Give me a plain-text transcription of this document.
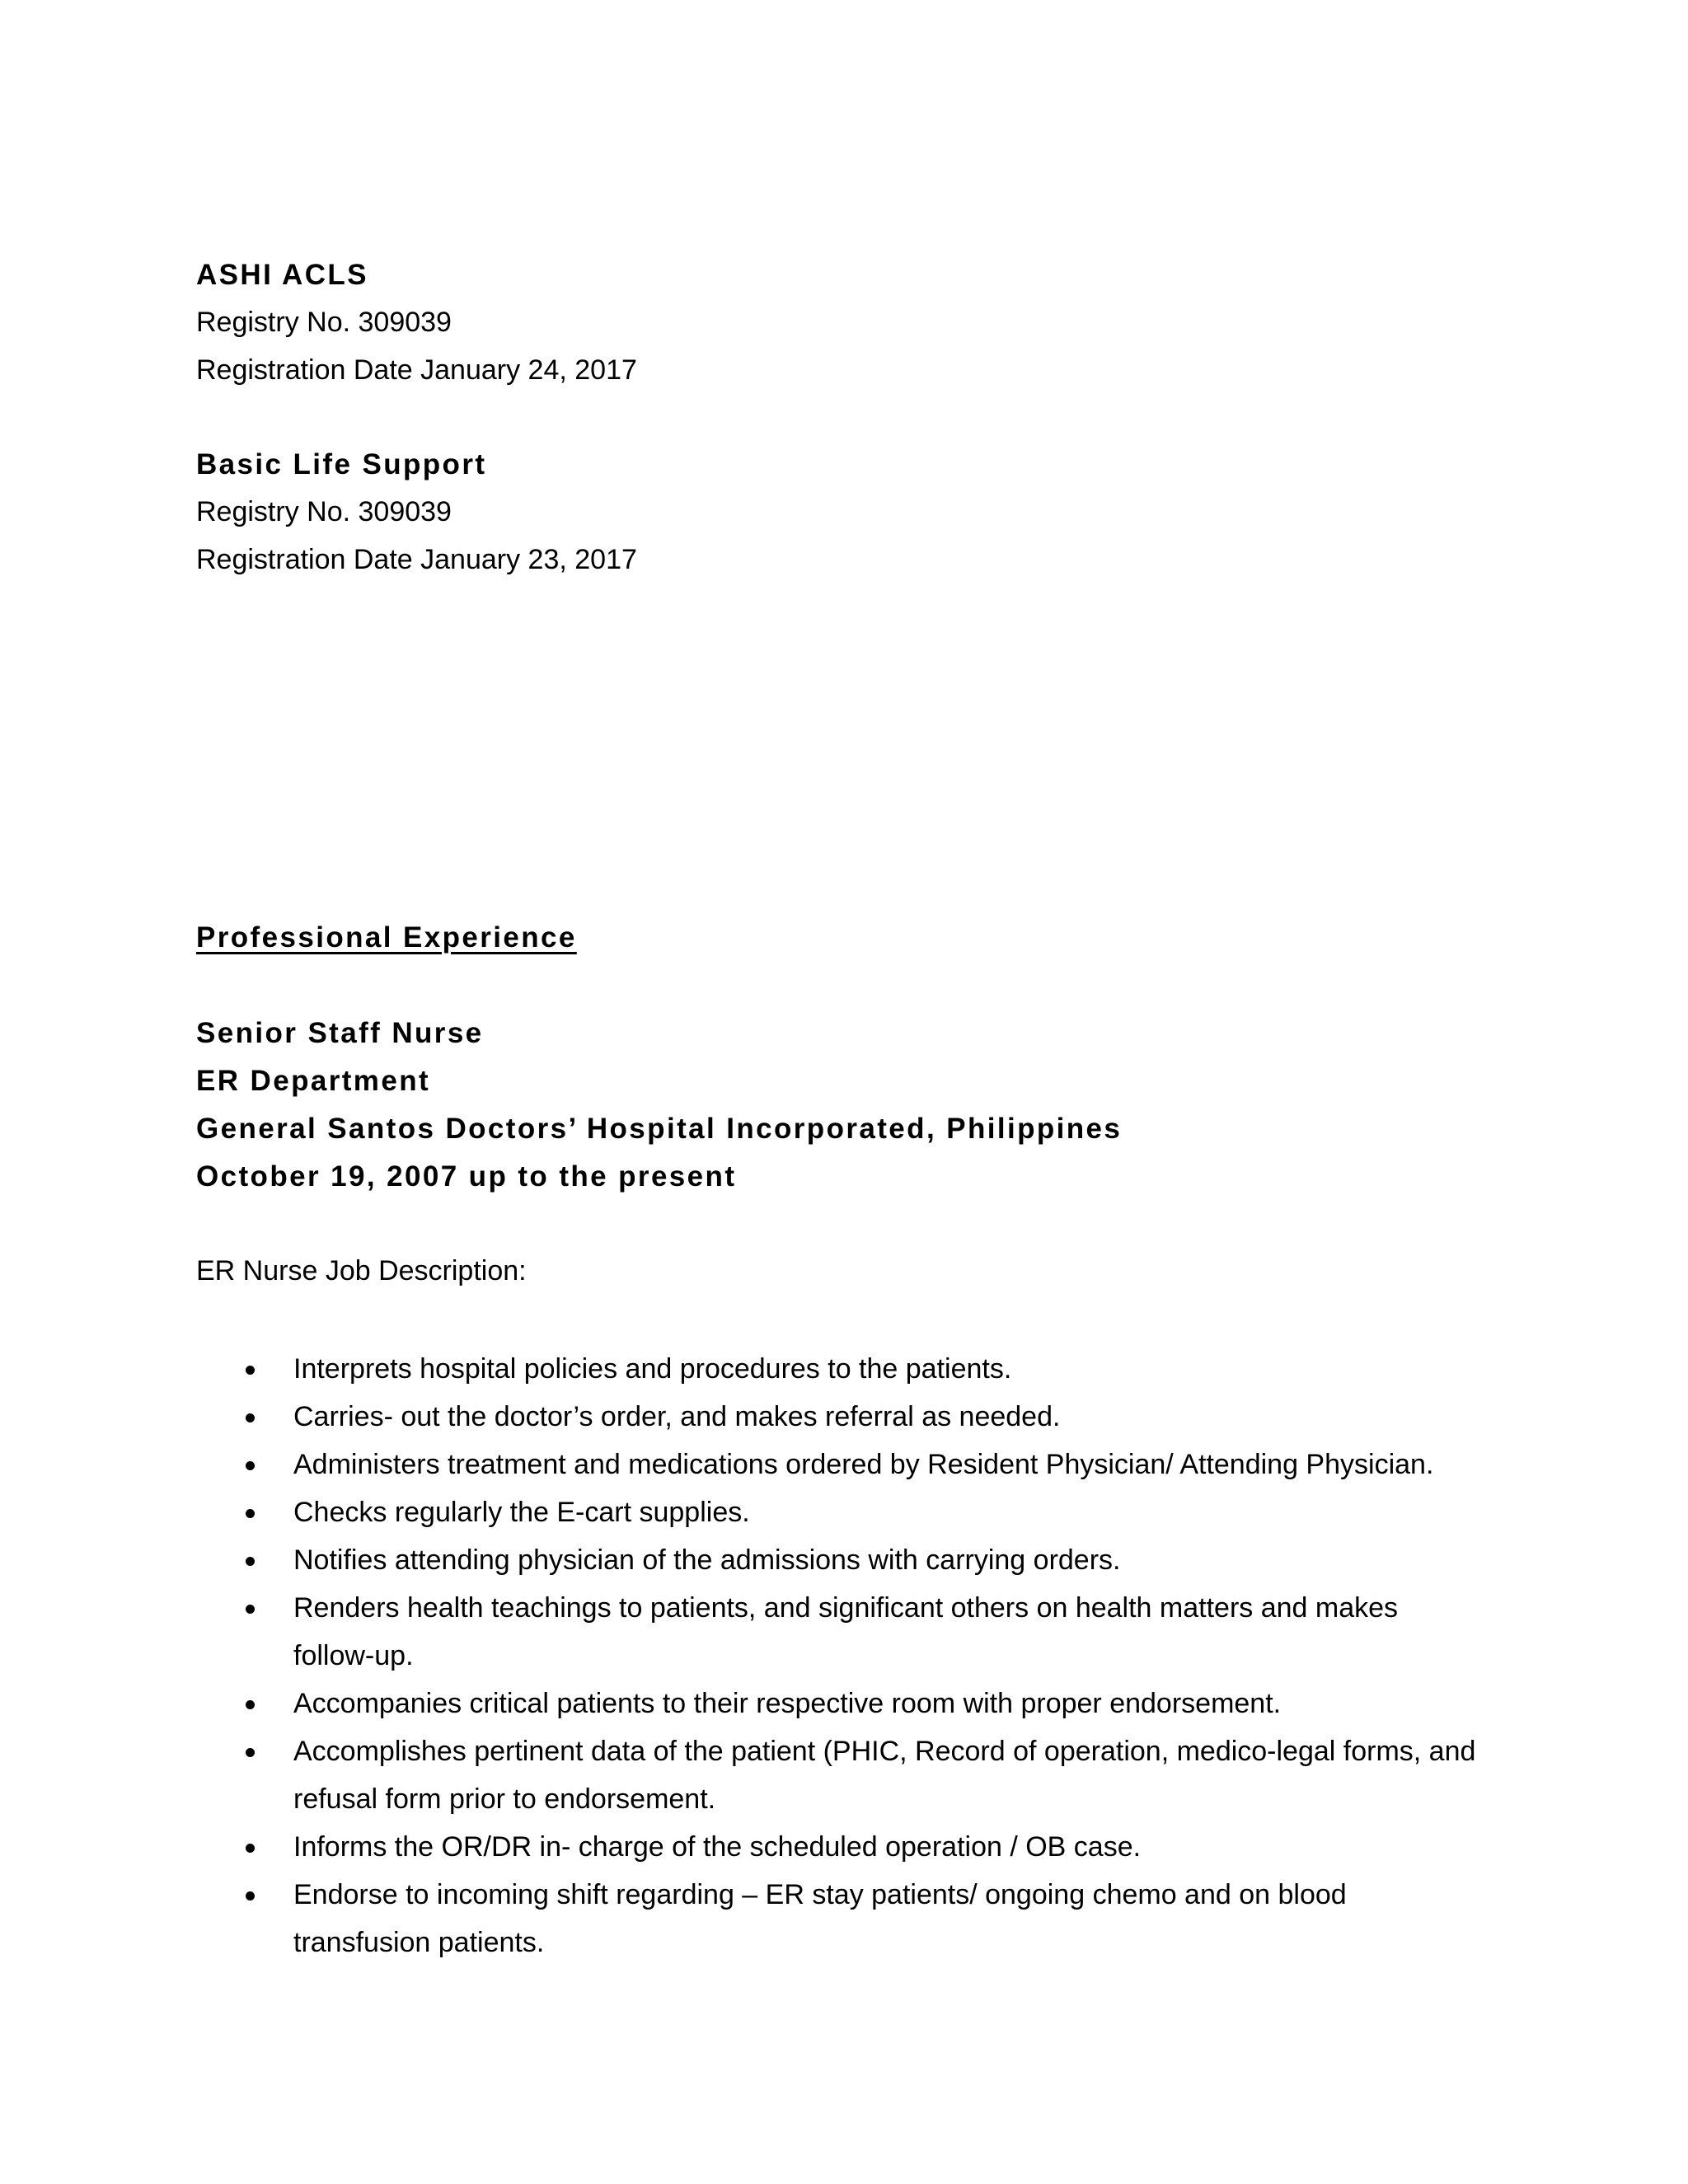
ASHI ACLS
Registry No. 309039
Registration Date January 24, 2017
Basic Life Support
Registry No. 309039
Registration Date January 23, 2017
Professional Experience
Senior Staff Nurse
ER Department
General Santos Doctors’ Hospital Incorporated, Philippines
October 19, 2007 up to the present
ER Nurse Job Description:
Interprets hospital policies and procedures to the patients.
Carries- out the doctor’s order, and makes referral as needed.
Administers treatment and medications ordered by Resident Physician/ Attending Physician.
Checks regularly the E-cart supplies.
Notifies attending physician of the admissions with carrying orders.
Renders health teachings to patients, and significant others on health matters and makes follow-up.
Accompanies critical patients to their respective room with proper endorsement.
Accomplishes pertinent data of the patient (PHIC, Record of operation, medico-legal forms, and refusal form prior to endorsement.
Informs the OR/DR in- charge of the scheduled operation / OB case.
Endorse to incoming shift regarding – ER stay patients/ ongoing chemo and on blood transfusion patients.
